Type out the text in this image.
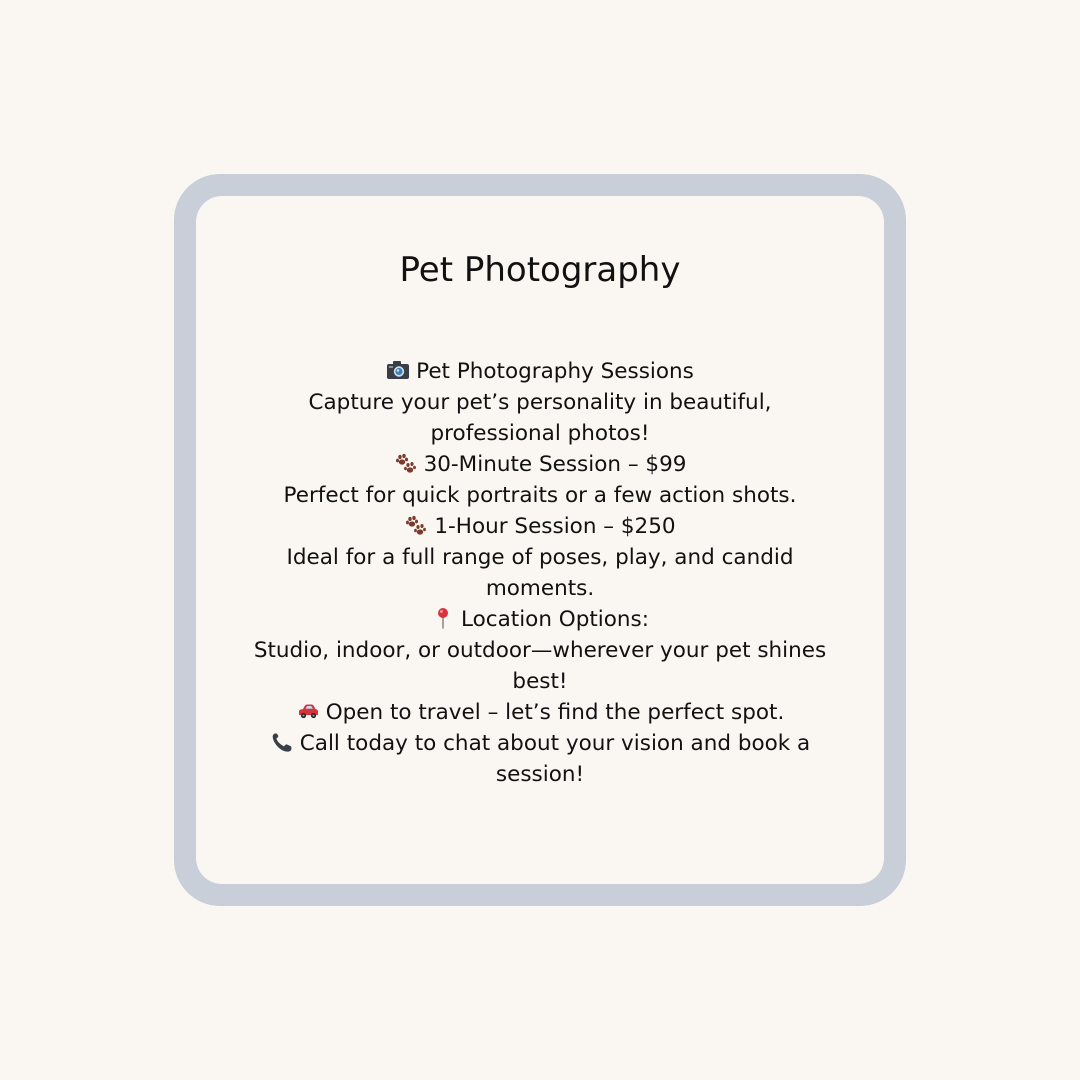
Pet Photography
Pet Photography Sessions
Capture your pet’s personality in beautiful, professional photos!
30-Minute Session – $99
Perfect for quick portraits or a few action shots.
1-Hour Session – $250
Ideal for a full range of poses, play, and candid moments.
Location Options:
Studio, indoor, or outdoor—wherever your pet shines best!
Open to travel – let’s find the perfect spot.
Call today to chat about your vision and book a session!
